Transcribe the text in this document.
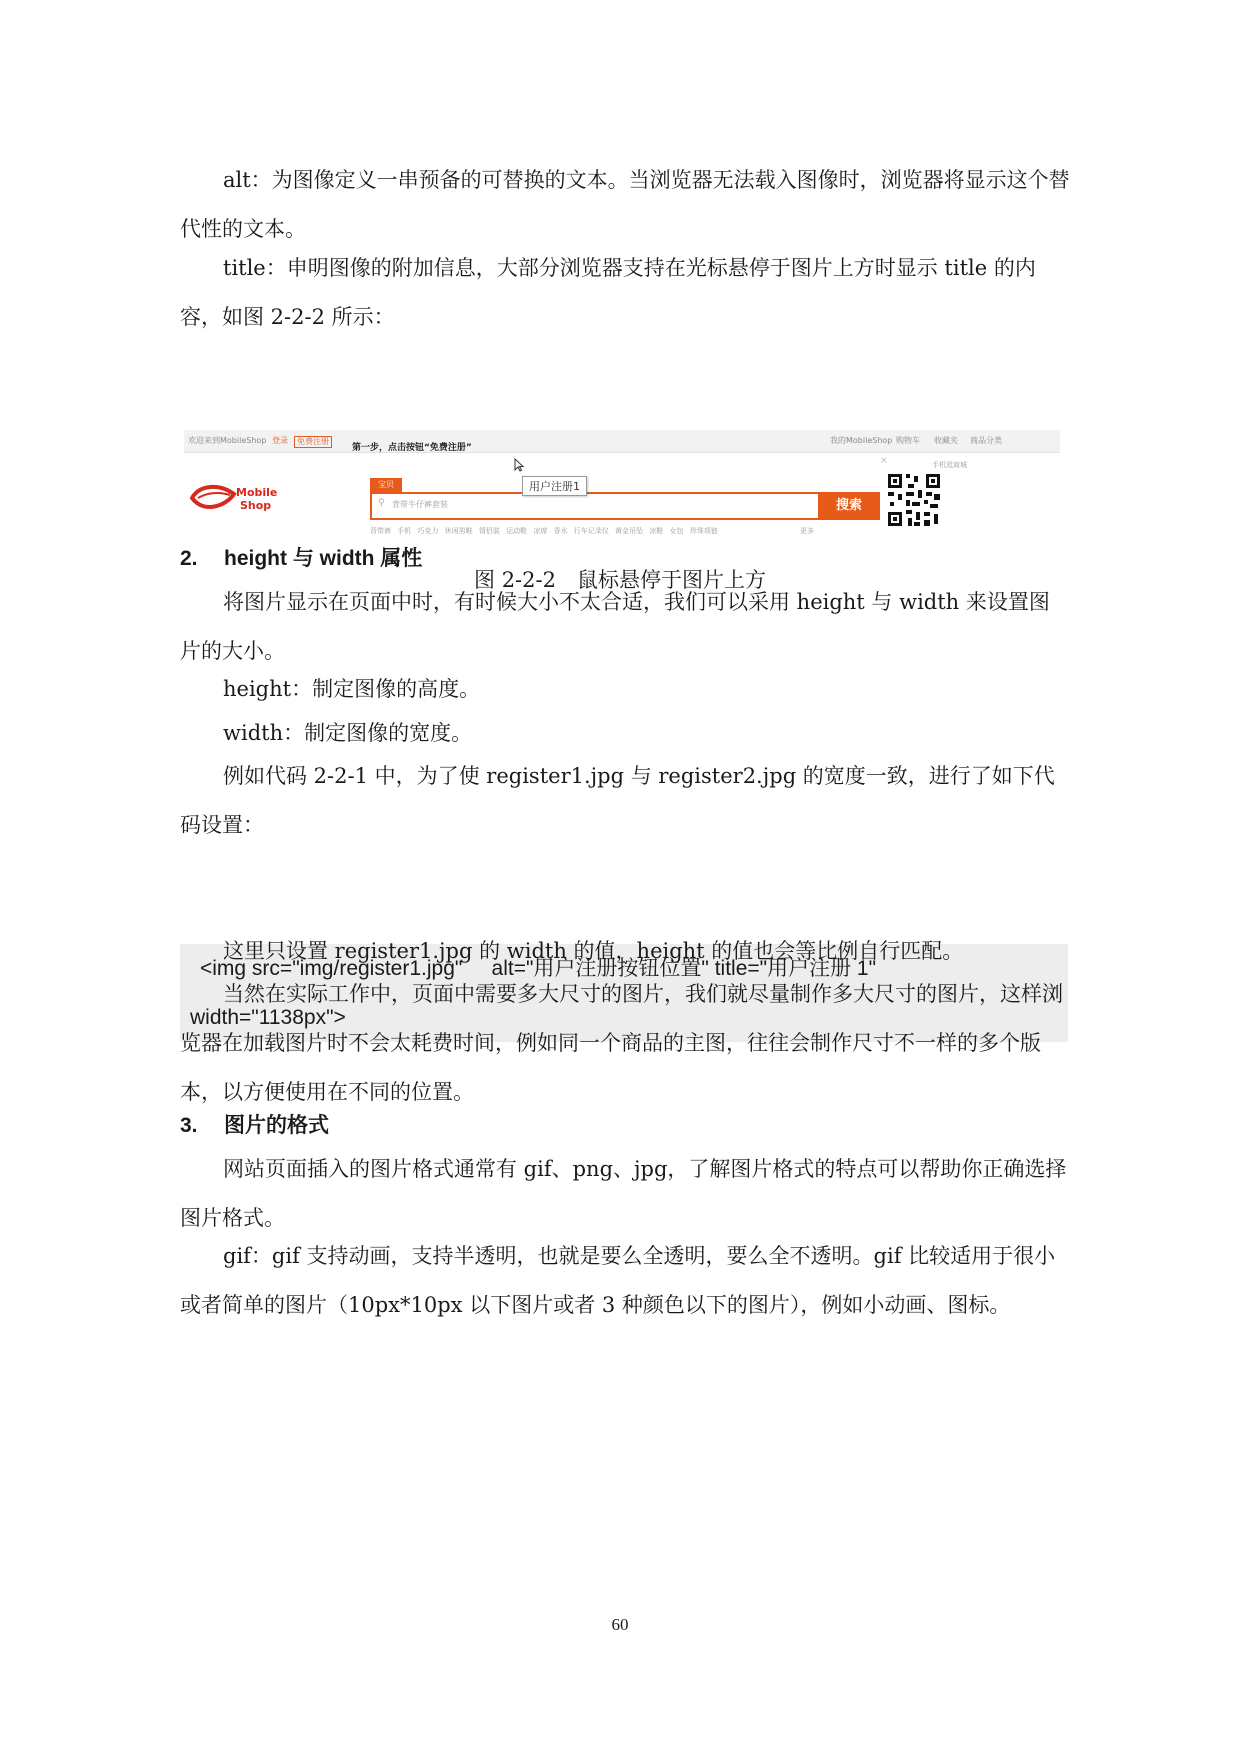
alt：为图像定义一串预备的可替换的文本。当浏览器无法载入图像时，浏览器将显示这个替代性的文本。

title：申明图像的附加信息，大部分浏览器支持在光标悬停于图片上方时显示 title 的内容，如图 2-2-2 所示：

欢迎来到MobileShop 登录	免费注册	我的MobileShop 购物车 收藏夹 商品分类
第一步，点击按钮“免费注册”
Mobile
Shop
宝贝
⚲ 背带牛仔裤套装	搜索
背带裤 手机 巧克力 休闲男鞋 情侣装 运动鞋 凉席 香水 行车记录仪 黄金吊坠 凉鞋 女包 珍珠项链	更多
用户注册1
×	手机逛商城
图 2-2-2　鼠标悬停于图片上方
2. height 与 width 属性

将图片显示在页面中时，有时候大小不太合适，我们可以采用 height 与 width 来设置图片的大小。

height：制定图像的高度。

width：制定图像的宽度。

例如代码 2-2-1 中，为了使 register1.jpg 与 register2.jpg 的宽度一致，进行了如下代码设置：

<img src="img/register1.jpg"     alt="用户注册按钮位置" title="用户注册 1"
width="1138px">

这里只设置 register1.jpg 的 width 的值，height 的值也会等比例自行匹配。

当然在实际工作中，页面中需要多大尺寸的图片，我们就尽量制作多大尺寸的图片，这样浏览器在加载图片时不会太耗费时间，例如同一个商品的主图，往往会制作尺寸不一样的多个版本，以方便使用在不同的位置。

3. 图片的格式

网站页面插入的图片格式通常有 gif、png、jpg，了解图片格式的特点可以帮助你正确选择图片格式。

gif：gif 支持动画，支持半透明，也就是要么全透明，要么全不透明。gif 比较适用于很小或者简单的图片（10px*10px 以下图片或者 3 种颜色以下的图片），例如小动画、图标。

60
